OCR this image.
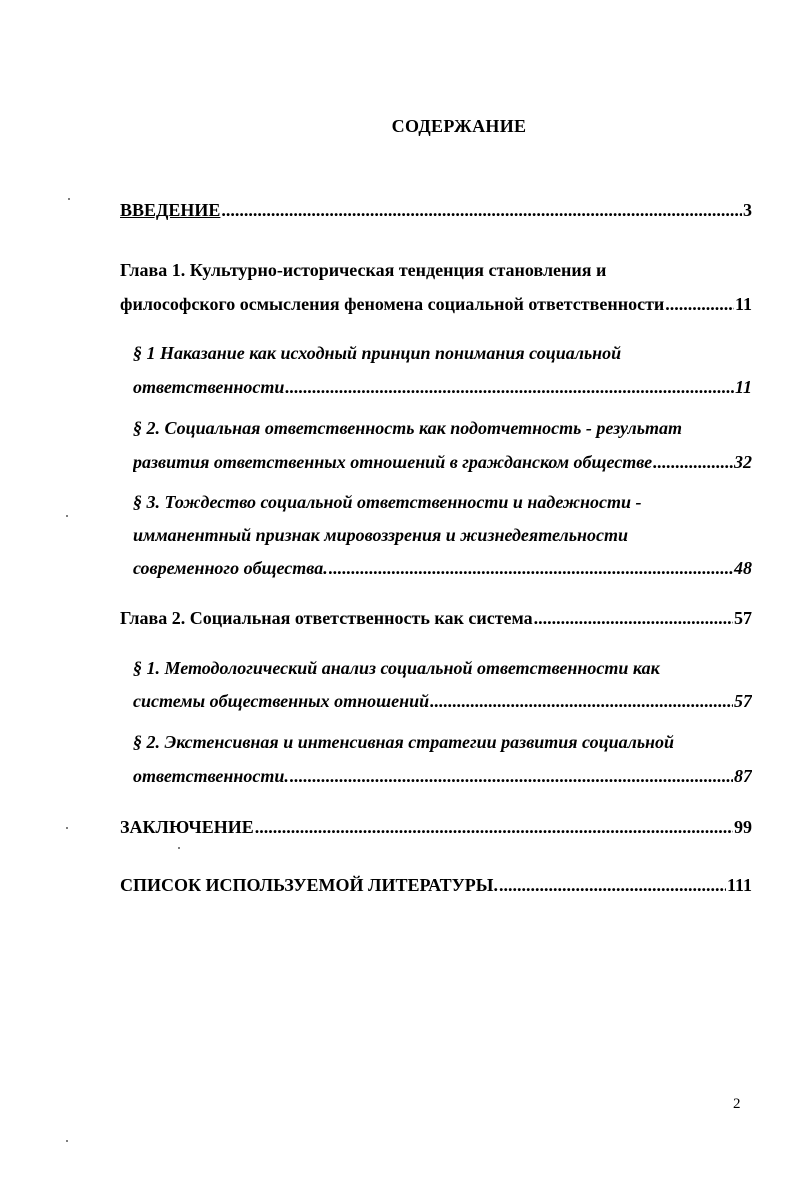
СОДЕРЖАНИЕ
ВВЕДЕНИЕ .....	3
Глава 1. Культурно-историческая тенденция становления и
философского осмысления феномена социальной ответственности .....	11
§ 1 Наказание как исходный принцип понимания социальной
ответственности .....	11
§ 2. Социальная ответственность как подотчетность - результат
развития ответственных отношений в гражданском обществе .....	32
§ 3. Тождество социальной ответственности и надежности -
имманентный признак мировоззрения и жизнедеятельности
современного общества. .....	48
Глава 2. Социальная ответственность как система .....	57
§ 1. Методологический анализ социальной ответственности как
системы общественных отношений .....	57
§ 2. Экстенсивная и интенсивная стратегии развития социальной
ответственности. .....	87
ЗАКЛЮЧЕНИЕ .....	99
СПИСОК ИСПОЛЬЗУЕМОЙ ЛИТЕРАТУРЫ. .....	111
2
